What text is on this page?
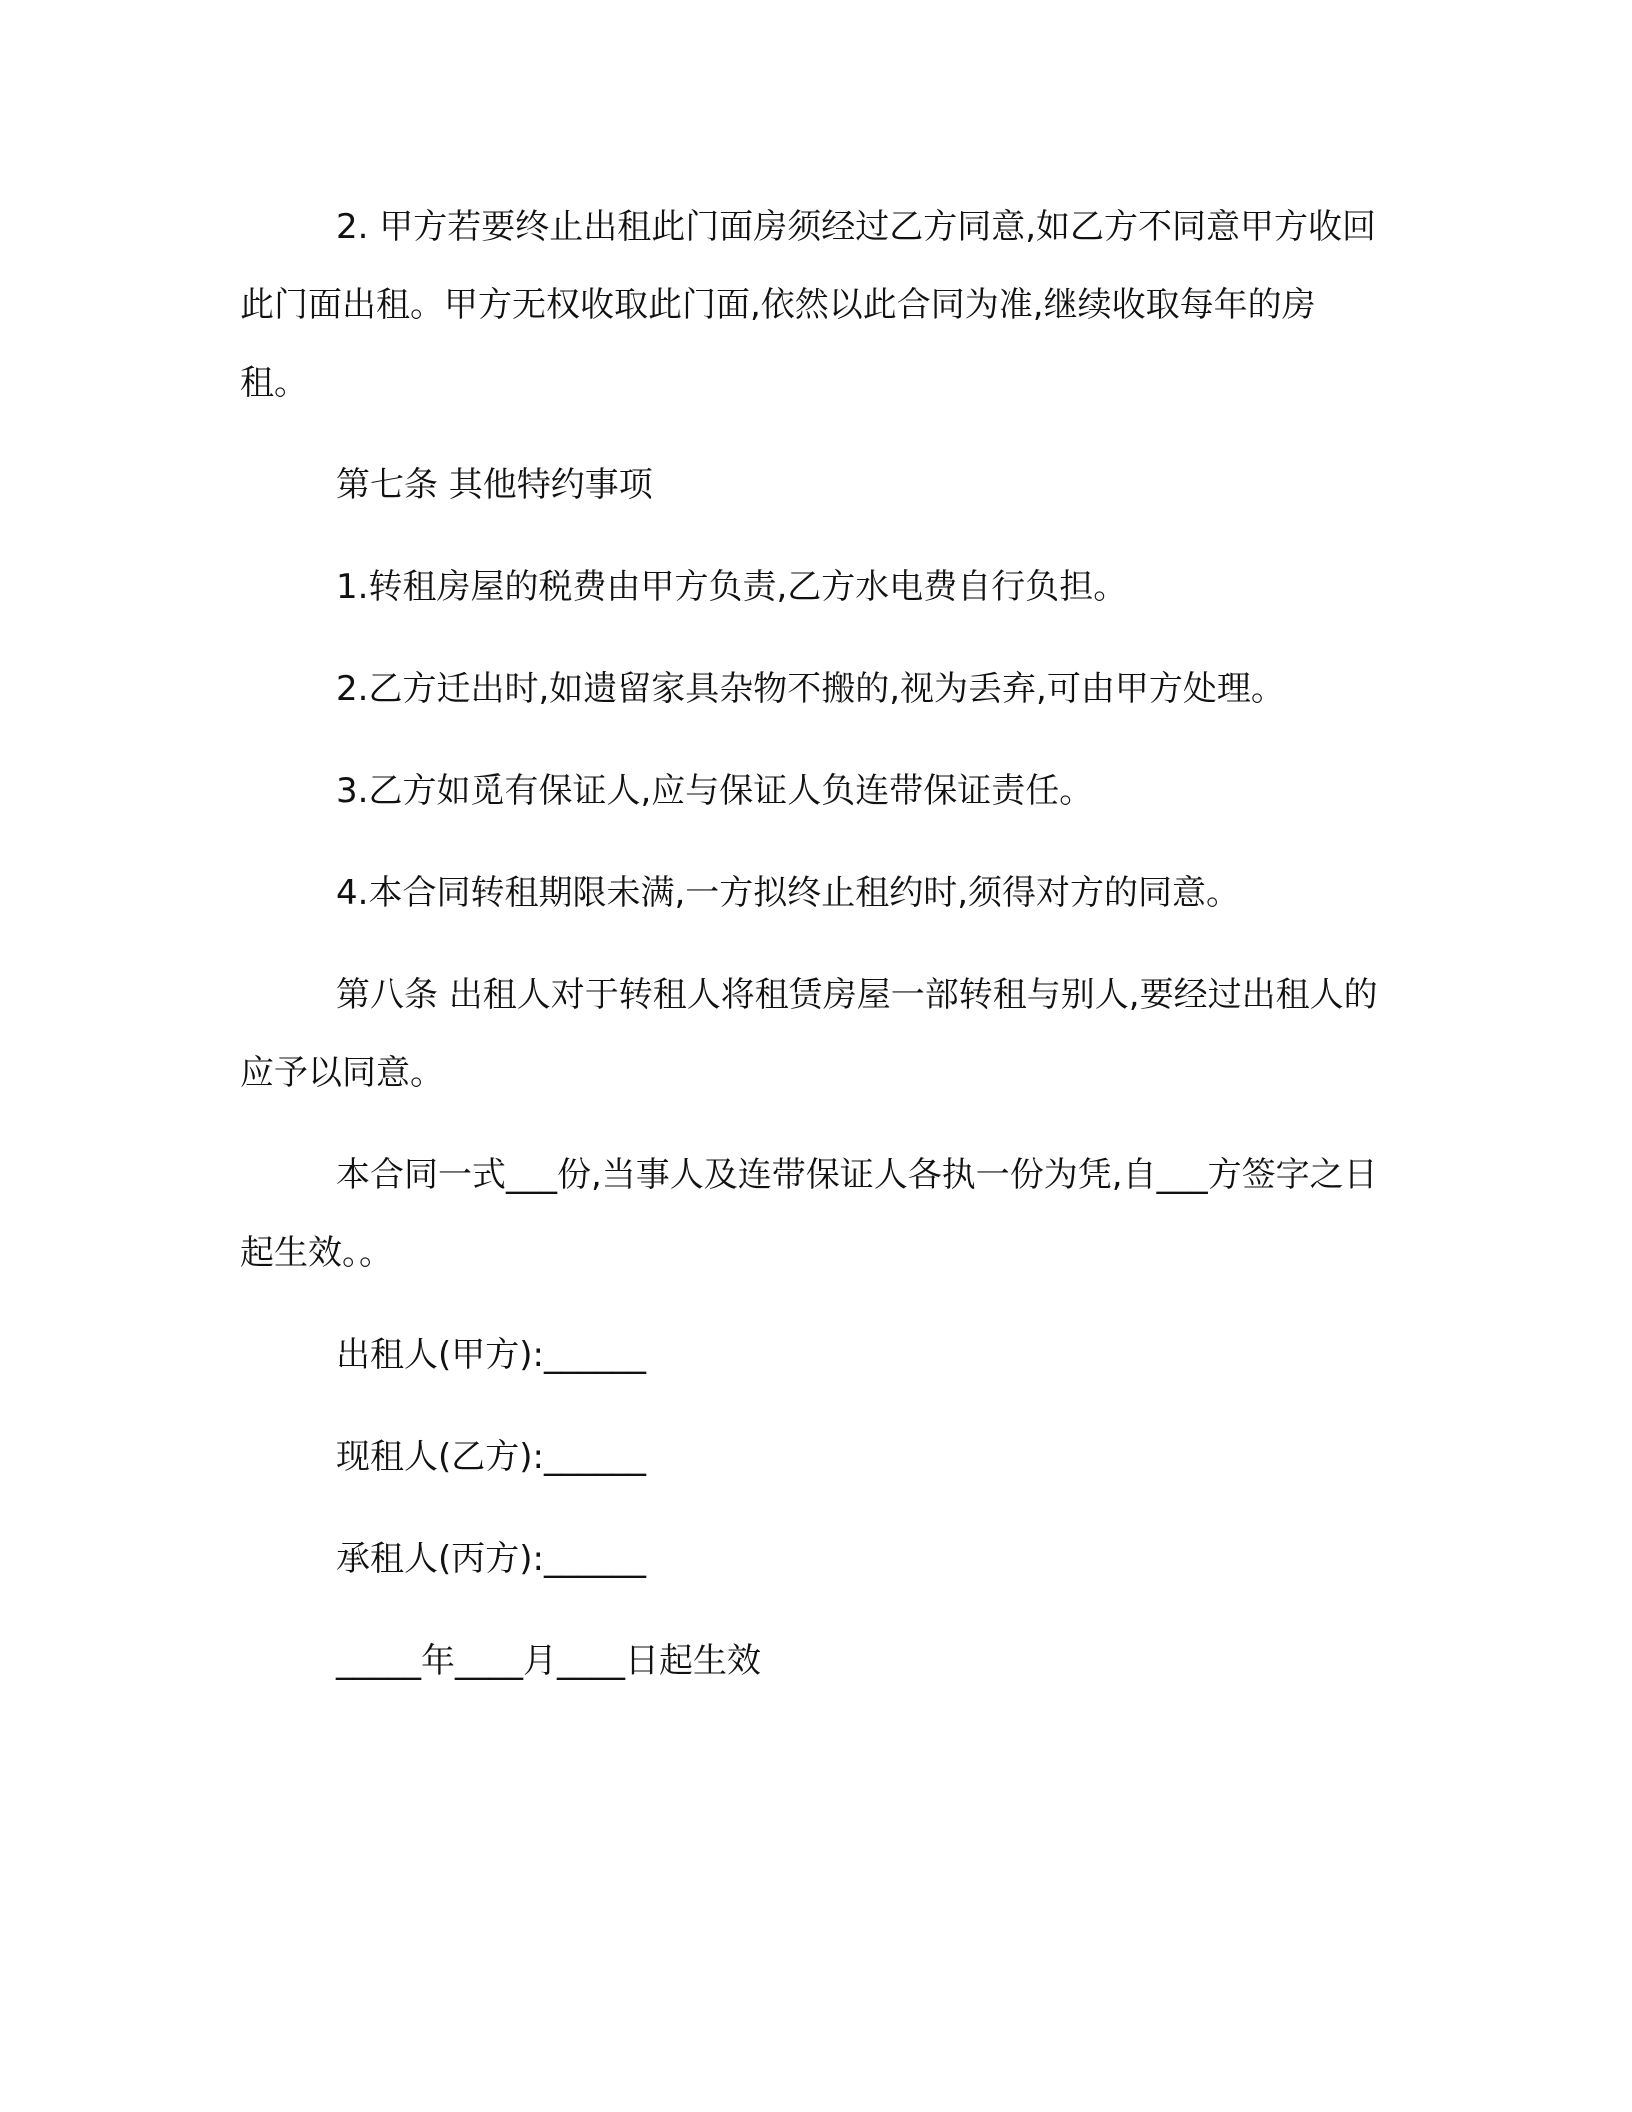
2. 甲方若要终止出租此门面房须经过乙方同意,如乙方不同意甲方收回此门面出租。甲方无权收取此门面,依然以此合同为准,继续收取每年的房租。

第七条 其他特约事项

1.转租房屋的税费由甲方负责,乙方水电费自行负担。

2.乙方迁出时,如遗留家具杂物不搬的,视为丢弃,可由甲方处理。

3.乙方如觅有保证人,应与保证人负连带保证责任。

4.本合同转租期限未满,一方拟终止租约时,须得对方的同意。

第八条 出租人对于转租人将租赁房屋一部转租与别人,要经过出租人的应予以同意。

本合同一式___份,当事人及连带保证人各执一份为凭,自___方签字之日起生效。。

出租人(甲方):______

现租人(乙方):______

承租人(丙方):______

_____年____月____日起生效
